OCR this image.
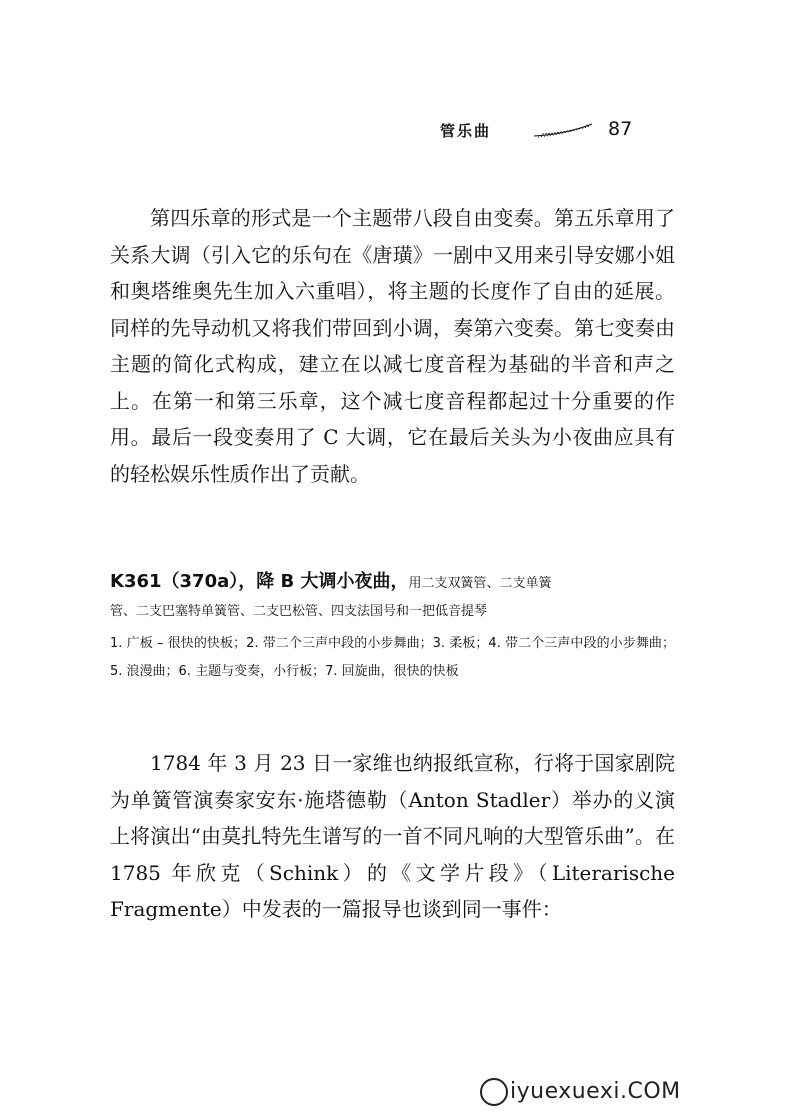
管乐曲	87

第四乐章的形式是一个主题带八段自由变奏。第五乐章用了关系大调（引入它的乐句在《唐璜》一剧中又用来引导安娜小姐和奥塔维奥先生加入六重唱），将主题的长度作了自由的延展。同样的先导动机又将我们带回到小调，奏第六变奏。第七变奏由主题的简化式构成，建立在以减七度音程为基础的半音和声之上。在第一和第三乐章，这个减七度音程都起过十分重要的作用。最后一段变奏用了 C 大调，它在最后关头为小夜曲应具有的轻松娱乐性质作出了贡献。

K361（370a），降 B 大调小夜曲，用二支双簧管、二支单簧

管、二支巴塞特单簧管、二支巴松管、四支法国号和一把低音提琴

1. 广板 – 很快的快板；2. 带二个三声中段的小步舞曲；3. 柔板；4. 带二个三声中段的小步舞曲；5. 浪漫曲；6. 主题与变奏，小行板；7. 回旋曲，很快的快板

1784 年 3 月 23 日一家维也纳报纸宣称，行将于国家剧院为单簧管演奏家安东·施塔德勒（Anton Stadler）举办的义演上将演出“由莫扎特先生谱写的一首不同凡响的大型管乐曲”。在 1785 年欣克（Schink）的《文学片段》（Literarische Fragmente）中发表的一篇报导也谈到同一事件：

iyuexuexi.COM
